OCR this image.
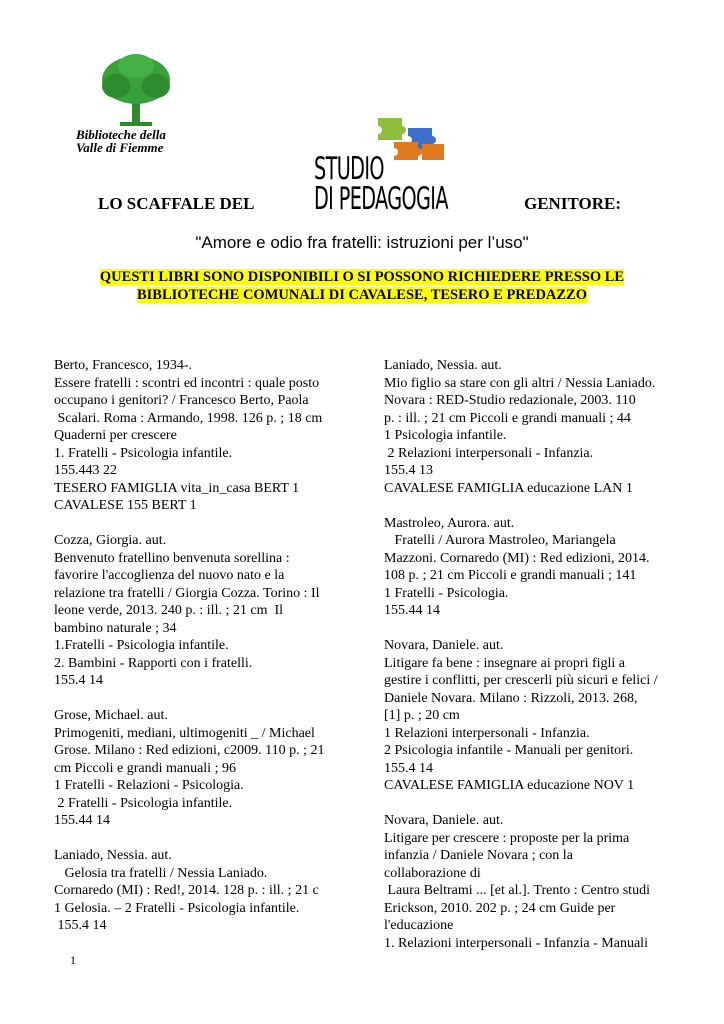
Biblioteche della
Valle di Fiemme
STUDIO
DI PEDAGOGIA
LO SCAFFALE DEL	GENITORE:
"Amore e odio fra fratelli: istruzioni per l’uso"
QUESTI LIBRI SONO DISPONIBILI O SI POSSONO RICHIEDERE PRESSO LE
BIBLIOTECHE COMUNALI DI CAVALESE, TESERO E PREDAZZO
Berto, Francesco, 1934-.
Essere fratelli : scontri ed incontri : quale posto
occupano i genitori? / Francesco Berto, Paola
Scalari. Roma : Armando, 1998. 126 p. ; 18 cm
Quaderni per crescere
1. Fratelli - Psicologia infantile.
155.443 22
TESERO FAMIGLIA vita_in_casa BERT 1
CAVALESE 155 BERT 1
Cozza, Giorgia. aut.
Benvenuto fratellino benvenuta sorellina :
favorire l'accoglienza del nuovo nato e la
relazione tra fratelli / Giorgia Cozza. Torino : Il
leone verde, 2013. 240 p. : ill. ; 21 cm  Il
bambino naturale ; 34
1.Fratelli - Psicologia infantile.
2. Bambini - Rapporti con i fratelli.
155.4 14
Grose, Michael. aut.
Primogeniti, mediani, ultimogeniti _ / Michael
Grose. Milano : Red edizioni, c2009. 110 p. ; 21
cm Piccoli e grandi manuali ; 96
1 Fratelli - Relazioni - Psicologia.
2 Fratelli - Psicologia infantile.
155.44 14
Laniado, Nessia. aut.
Gelosia tra fratelli / Nessia Laniado.
Cornaredo (MI) : Red!, 2014. 128 p. : ill. ; 21 c
1 Gelosia. – 2 Fratelli - Psicologia infantile.
155.4 14
Laniado, Nessia. aut.
Mio figlio sa stare con gli altri / Nessia Laniado.
Novara : RED-Studio redazionale, 2003. 110
p. : ill. ; 21 cm Piccoli e grandi manuali ; 44
1 Psicologia infantile.
2 Relazioni interpersonali - Infanzia.
155.4 13
CAVALESE FAMIGLIA educazione LAN 1
Mastroleo, Aurora. aut.
Fratelli / Aurora Mastroleo, Mariangela
Mazzoni. Cornaredo (MI) : Red edizioni, 2014.
108 p. ; 21 cm Piccoli e grandi manuali ; 141
1 Fratelli - Psicologia.
155.44 14
Novara, Daniele. aut.
Litigare fa bene : insegnare ai propri figli a
gestire i conflitti, per crescerli più sicuri e felici /
Daniele Novara. Milano : Rizzoli, 2013. 268,
[1] p. ; 20 cm
1 Relazioni interpersonali - Infanzia.
2 Psicologia infantile - Manuali per genitori.
155.4 14
CAVALESE FAMIGLIA educazione NOV 1
Novara, Daniele. aut.
Litigare per crescere : proposte per la prima
infanzia / Daniele Novara ; con la
collaborazione di
Laura Beltrami ... [et al.]. Trento : Centro studi
Erickson, 2010. 202 p. ; 24 cm Guide per
l'educazione
1. Relazioni interpersonali - Infanzia - Manuali
1
